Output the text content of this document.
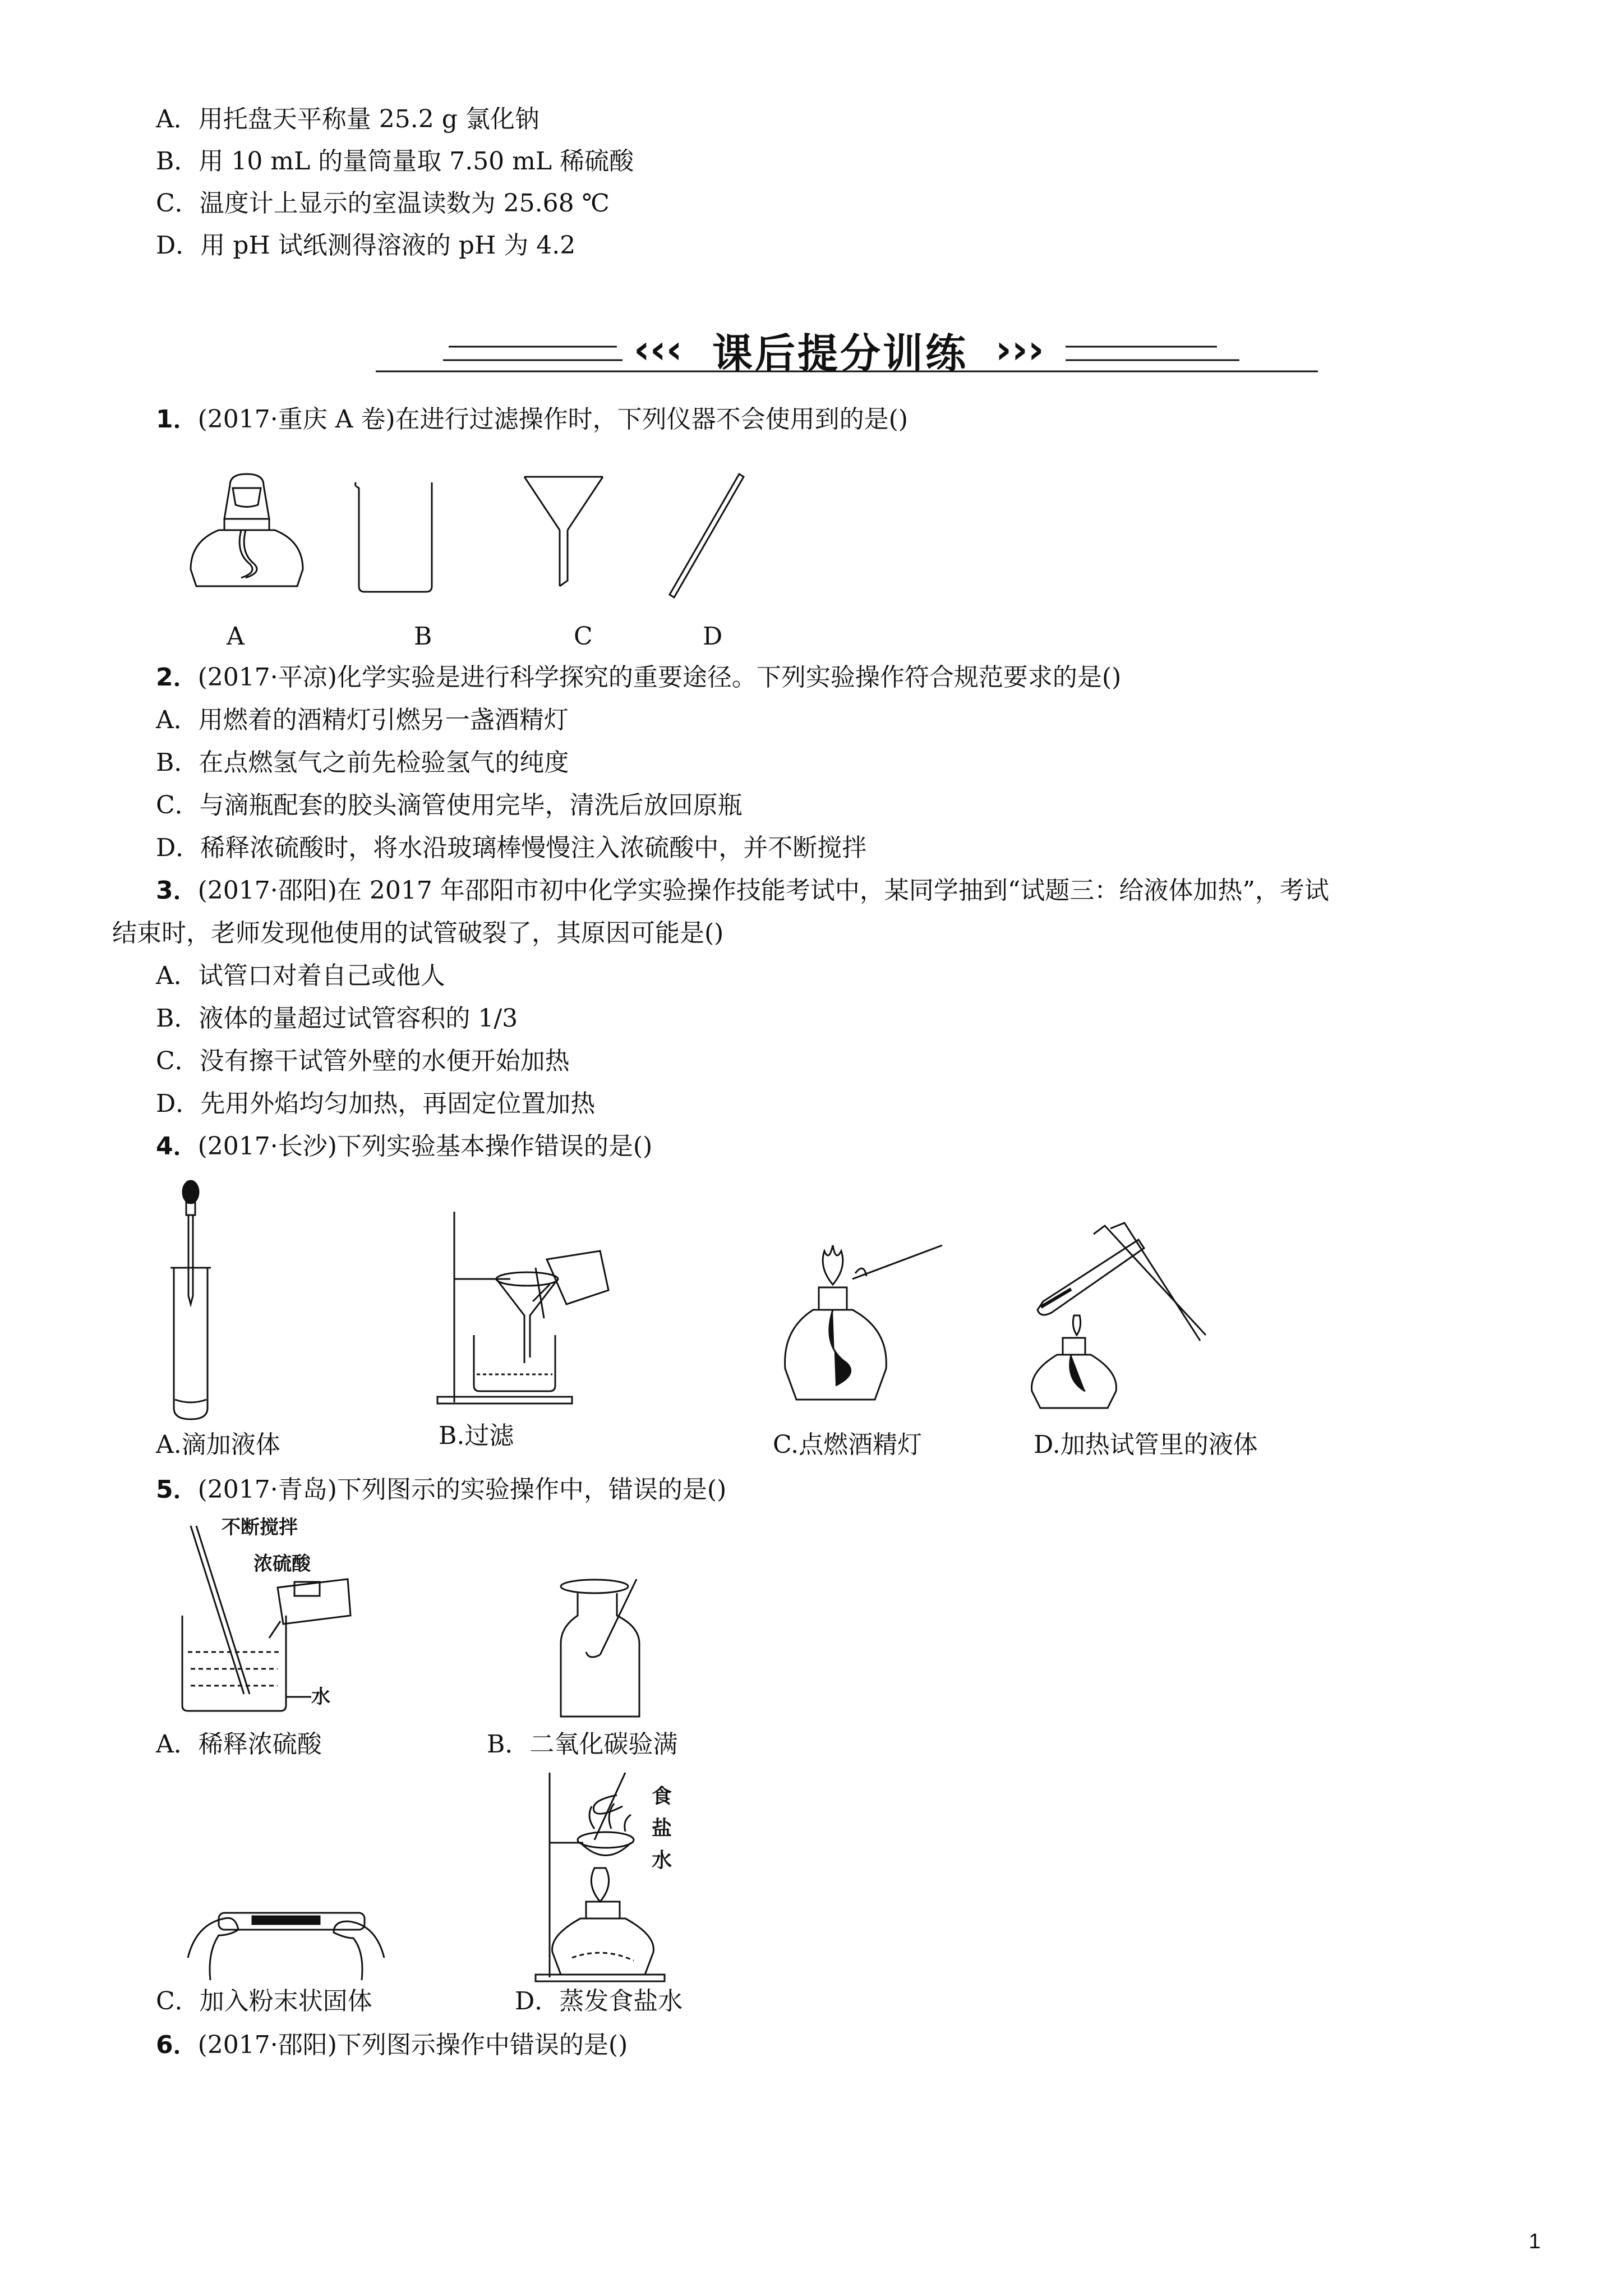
A．用托盘天平称量 25.2 g 氯化钠
B．用 10 mL 的量筒量取 7.50 mL 稀硫酸
C．温度计上显示的室温读数为 25.68 ℃
D．用 pH 试纸测得溶液的 pH 为 4.2
‹‹‹ 课后提分训练 ›››
1．(2017·重庆 A 卷)在进行过滤操作时，下列仪器不会使用到的是()
A	B	C	D
2．(2017·平凉)化学实验是进行科学探究的重要途径。下列实验操作符合规范要求的是()
A．用燃着的酒精灯引燃另一盏酒精灯
B．在点燃氢气之前先检验氢气的纯度
C．与滴瓶配套的胶头滴管使用完毕，清洗后放回原瓶
D．稀释浓硫酸时，将水沿玻璃棒慢慢注入浓硫酸中，并不断搅拌
3．(2017·邵阳)在 2017 年邵阳市初中化学实验操作技能考试中，某同学抽到“试题三：给液体加热”，考试
结束时，老师发现他使用的试管破裂了，其原因可能是()
A．试管口对着自己或他人
B．液体的量超过试管容积的 1/3
C．没有擦干试管外壁的水便开始加热
D．先用外焰均匀加热，再固定位置加热
4．(2017·长沙)下列实验基本操作错误的是()
A.滴加液体	B.过滤	C.点燃酒精灯	D.加热试管里的液体
5．(2017·青岛)下列图示的实验操作中，错误的是()
不断搅拌
浓硫酸
水
A．稀释浓硫酸	B．二氧化碳验满
食
盐
水
C．加入粉末状固体	D．蒸发食盐水
6．(2017·邵阳)下列图示操作中错误的是()
1
